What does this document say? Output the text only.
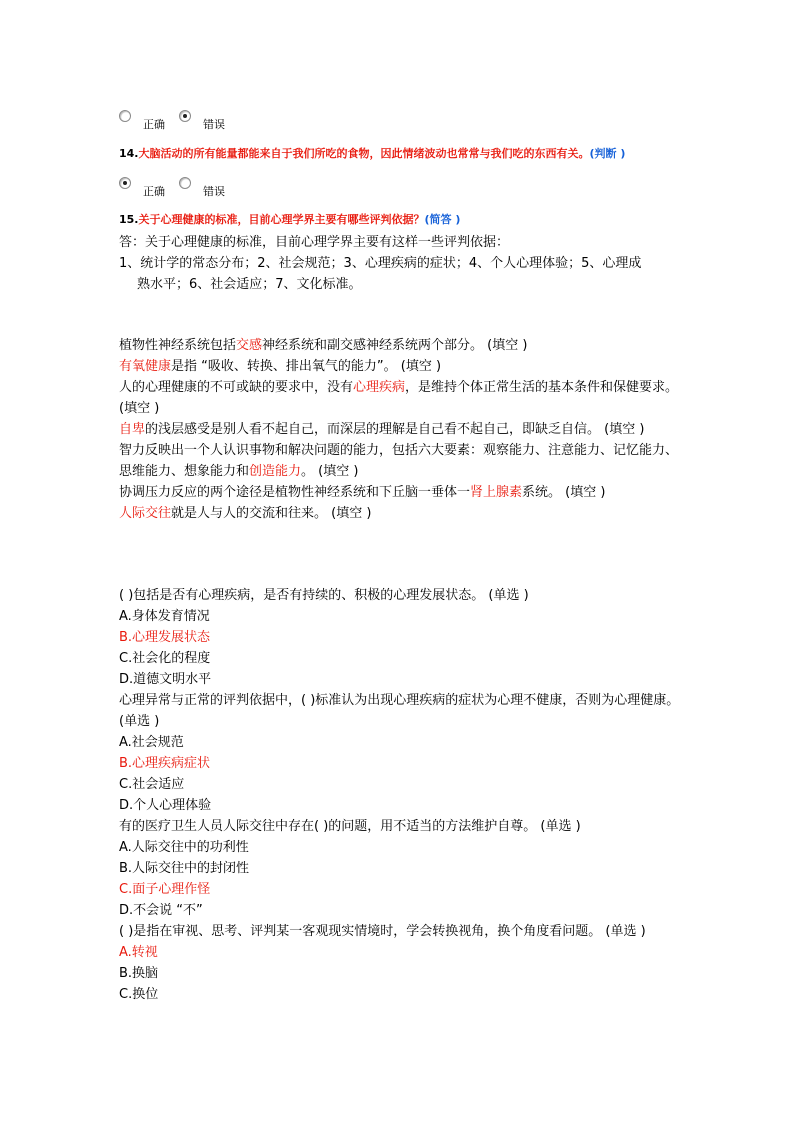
正确	错误
14.大脑活动的所有能量都能来自于我们所吃的食物，因此情绪波动也常常与我们吃的东西有关。(判断 )
正确	错误
15.关于心理健康的标准，目前心理学界主要有哪些评判依据？(简答 )
答：关于心理健康的标准，目前心理学界主要有这样一些评判依据：
1、统计学的常态分布；2、社会规范；3、心理疾病的症状；4、个人心理体验；5、心理成
熟水平；6、社会适应；7、文化标准。
植物性神经系统包括交感神经系统和副交感神经系统两个部分。 (填空 )
有氧健康是指 “吸收、转换、排出氧气的能力”。 (填空 )
人的心理健康的不可或缺的要求中，没有心理疾病，是维持个体正常生活的基本条件和保健要求。 (填空 )
自卑的浅层感受是别人看不起自己，而深层的理解是自己看不起自己，即缺乏自信。 (填空 )
智力反映出一个人认识事物和解决问题的能力，包括六大要素：观察能力、注意能力、记忆能力、思维能力、想象能力和创造能力。 (填空 )
协调压力反应的两个途径是植物性神经系统和下丘脑一垂体一肾上腺素系统。 (填空 )
人际交往就是人与人的交流和往来。 (填空 )
( )包括是否有心理疾病，是否有持续的、积极的心理发展状态。 (单选 )
A.身体发育情况
B.心理发展状态
C.社会化的程度
D.道德文明水平
心理异常与正常的评判依据中，( )标准认为出现心理疾病的症状为心理不健康，否则为心理健康。 (单选 )
A.社会规范
B.心理疾病症状
C.社会适应
D.个人心理体验
有的医疗卫生人员人际交往中存在( )的问题，用不适当的方法维护自尊。 (单选 )
A.人际交往中的功利性
B.人际交往中的封闭性
C.面子心理作怪
D.不会说 “不”
( )是指在审视、思考、评判某一客观现实情境时，学会转换视角，换个角度看问题。 (单选 )
A.转视
B.换脑
C.换位
